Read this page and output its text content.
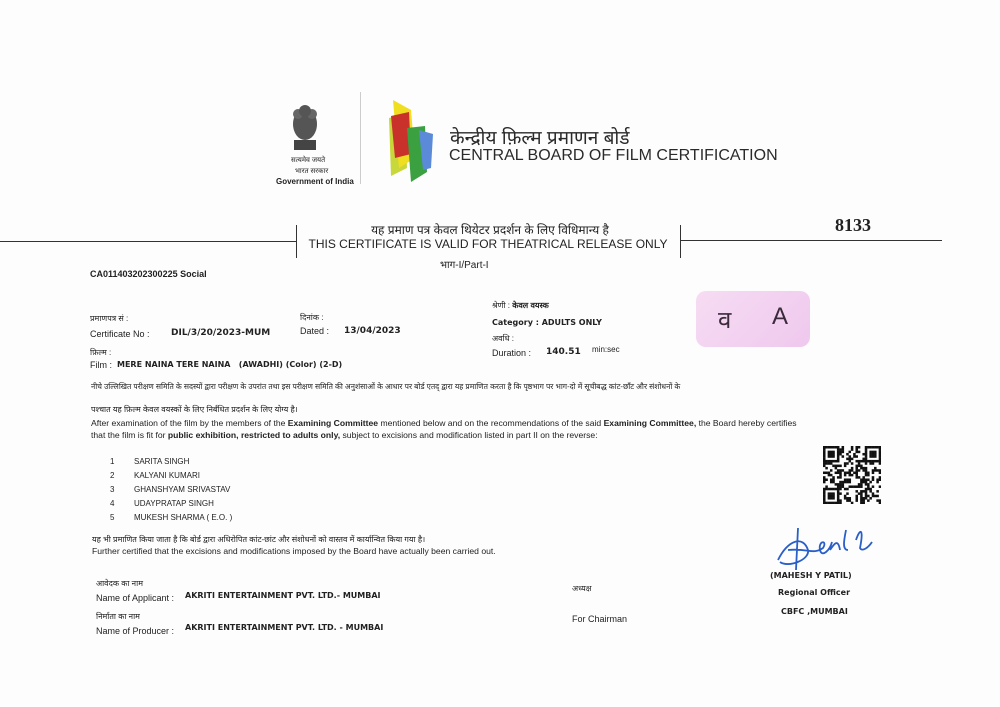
सत्यमेव जयते
भारत सरकार
Government of India
केन्द्रीय फ़िल्म प्रमाणन बोर्ड
CENTRAL BOARD OF FILM CERTIFICATION
यह प्रमाण पत्र केवल थियेटर प्रदर्शन के लिए विधिमान्य है
THIS CERTIFICATE IS VALID FOR THEATRICAL RELEASE ONLY
भाग-I/Part-I
8133
CA011403202300225 Social
प्रमाणपत्र सं :
Certificate No : DIL/3/20/2023-MUM
दिनांक :
Dated : 13/04/2023
फ़िल्म :
Film : MERE NAINA TERE NAINA   (AWADHI) (Color) (2-D)
श्रेणी : केवल वयस्क
Category : ADULTS ONLY
अवधि :
Duration : 140.51 min:sec
व A
नीचे उल्लिखित परीक्षण समिति के सदस्यों द्वारा परीक्षण के उपरांत तथा इस परीक्षण समिति की अनुशंसाओं के आधार पर बोर्ड एतद् द्वारा यह प्रमाणित करता है कि पृष्ठभाग पर भाग-दो में सूचीबद्ध कांट-छाँट और संशोधनों के
पश्चात यह फ़िल्म केवल वयस्कों के लिए निर्बंधित प्रदर्शन के लिए योग्य है।
After examination of the film by the members of the Examining Committee mentioned below and on the recommendations of the said Examining Committee, the Board hereby certifies
that the film is fit for public exhibition, restricted to adults only, subject to excisions and modification listed in part II on the reverse:
1 SARITA SINGH
2 KALYANI KUMARI
3 GHANSHYAM SRIVASTAV
4 UDAYPRATAP SINGH
5 MUKESH SHARMA ( E.O. )
यह भी प्रमाणित किया जाता है कि बोर्ड द्वारा अधिरोपित कांट-छांट और संशोधनों को वास्तव में कार्यान्वित किया गया है।
Further certified that the excisions and modifications imposed by the Board have actually been carried out.
आवेदक का नाम
Name of Applicant : AKRITI ENTERTAINMENT PVT. LTD.- MUMBAI
निर्माता का नाम
Name of Producer : AKRITI ENTERTAINMENT PVT. LTD. - MUMBAI
अध्यक्ष
For Chairman
(MAHESH Y PATIL)
Regional Officer
CBFC ,MUMBAI
